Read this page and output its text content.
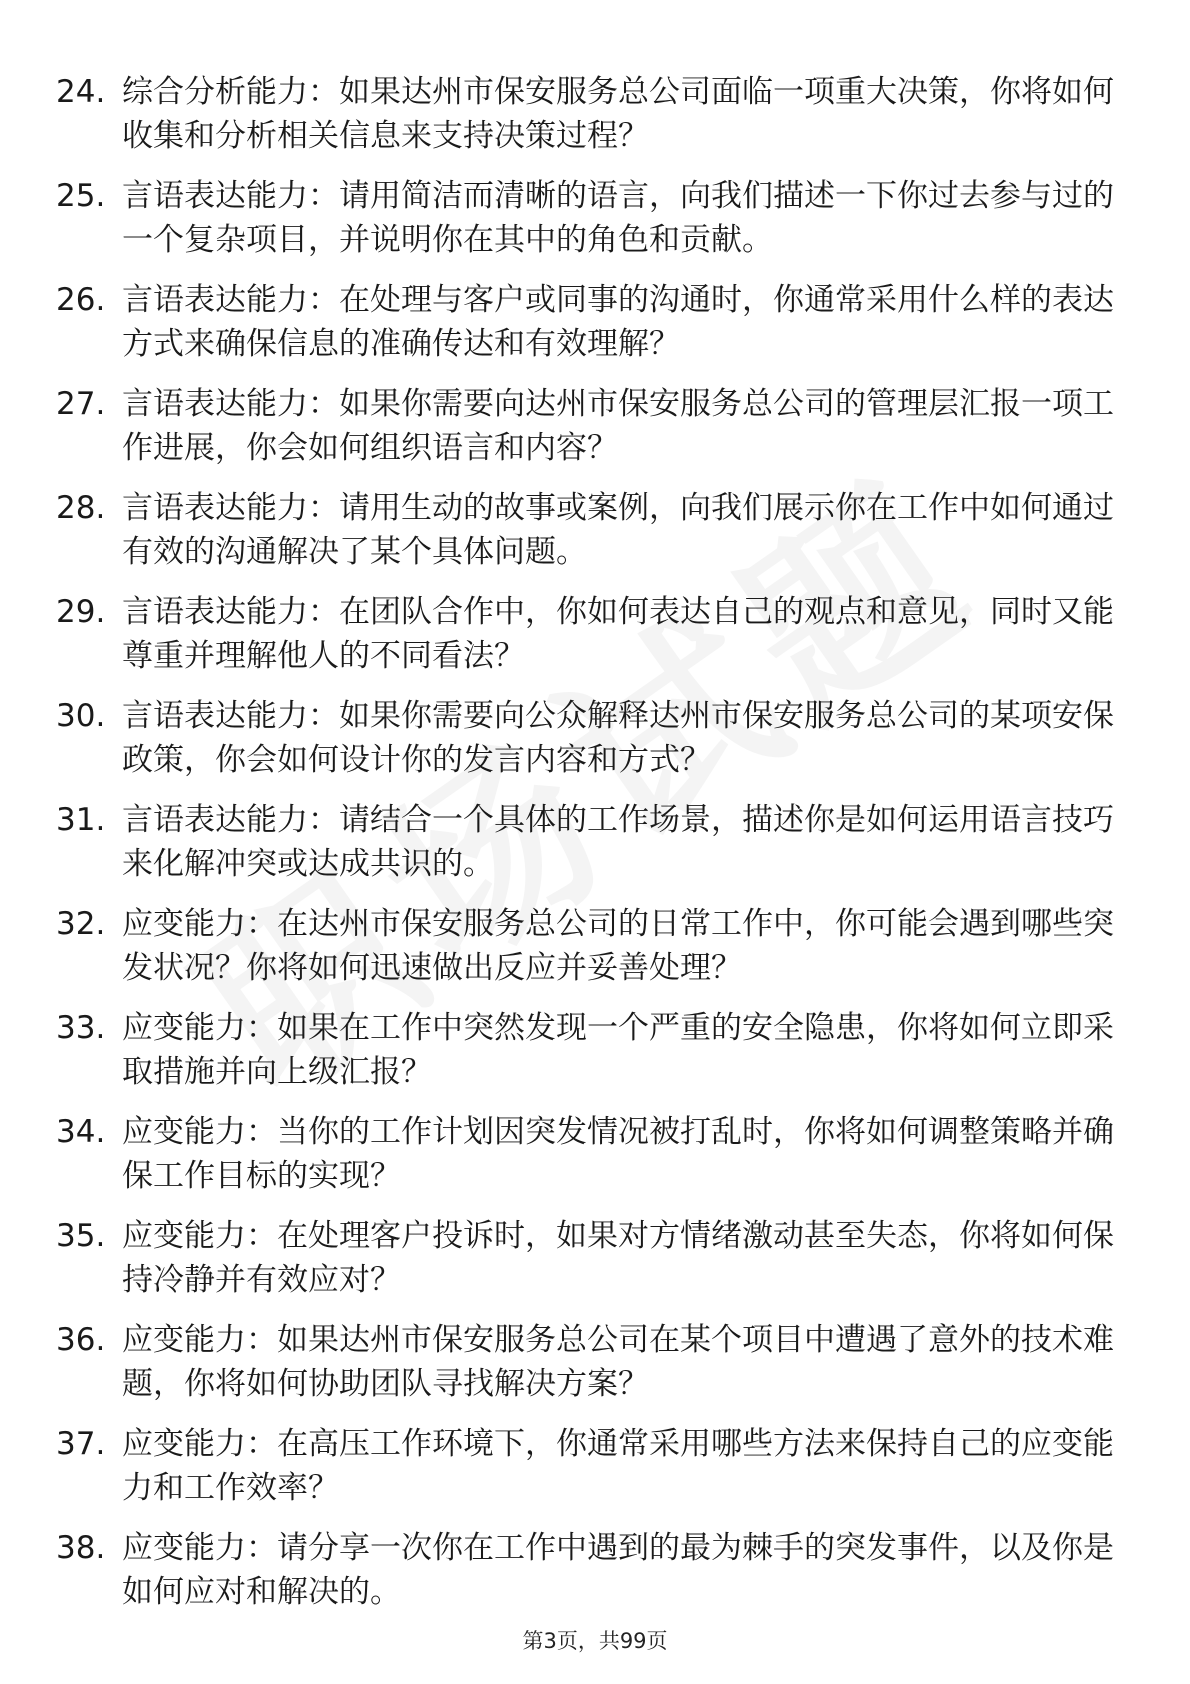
24. 综合分析能力：如果达州市保安服务总公司面临一项重大决策，你将如何收集和分析相关信息来支持决策过程？
25. 言语表达能力：请用简洁而清晰的语言，向我们描述一下你过去参与过的一个复杂项目，并说明你在其中的角色和贡献。
26. 言语表达能力：在处理与客户或同事的沟通时，你通常采用什么样的表达方式来确保信息的准确传达和有效理解？
27. 言语表达能力：如果你需要向达州市保安服务总公司的管理层汇报一项工作进展，你会如何组织语言和内容？
28. 言语表达能力：请用生动的故事或案例，向我们展示你在工作中如何通过有效的沟通解决了某个具体问题。
29. 言语表达能力：在团队合作中，你如何表达自己的观点和意见，同时又能尊重并理解他人的不同看法？
30. 言语表达能力：如果你需要向公众解释达州市保安服务总公司的某项安保政策，你会如何设计你的发言内容和方式？
31. 言语表达能力：请结合一个具体的工作场景，描述你是如何运用语言技巧来化解冲突或达成共识的。
32. 应变能力：在达州市保安服务总公司的日常工作中，你可能会遇到哪些突发状况？你将如何迅速做出反应并妥善处理？
33. 应变能力：如果在工作中突然发现一个严重的安全隐患，你将如何立即采取措施并向上级汇报？
34. 应变能力：当你的工作计划因突发情况被打乱时，你将如何调整策略并确保工作目标的实现？
35. 应变能力：在处理客户投诉时，如果对方情绪激动甚至失态，你将如何保持冷静并有效应对？
36. 应变能力：如果达州市保安服务总公司在某个项目中遭遇了意外的技术难题，你将如何协助团队寻找解决方案？
37. 应变能力：在高压工作环境下，你通常采用哪些方法来保持自己的应变能力和工作效率？
38. 应变能力：请分享一次你在工作中遇到的最为棘手的突发事件，以及你是如何应对和解决的。
第3页，共99页
